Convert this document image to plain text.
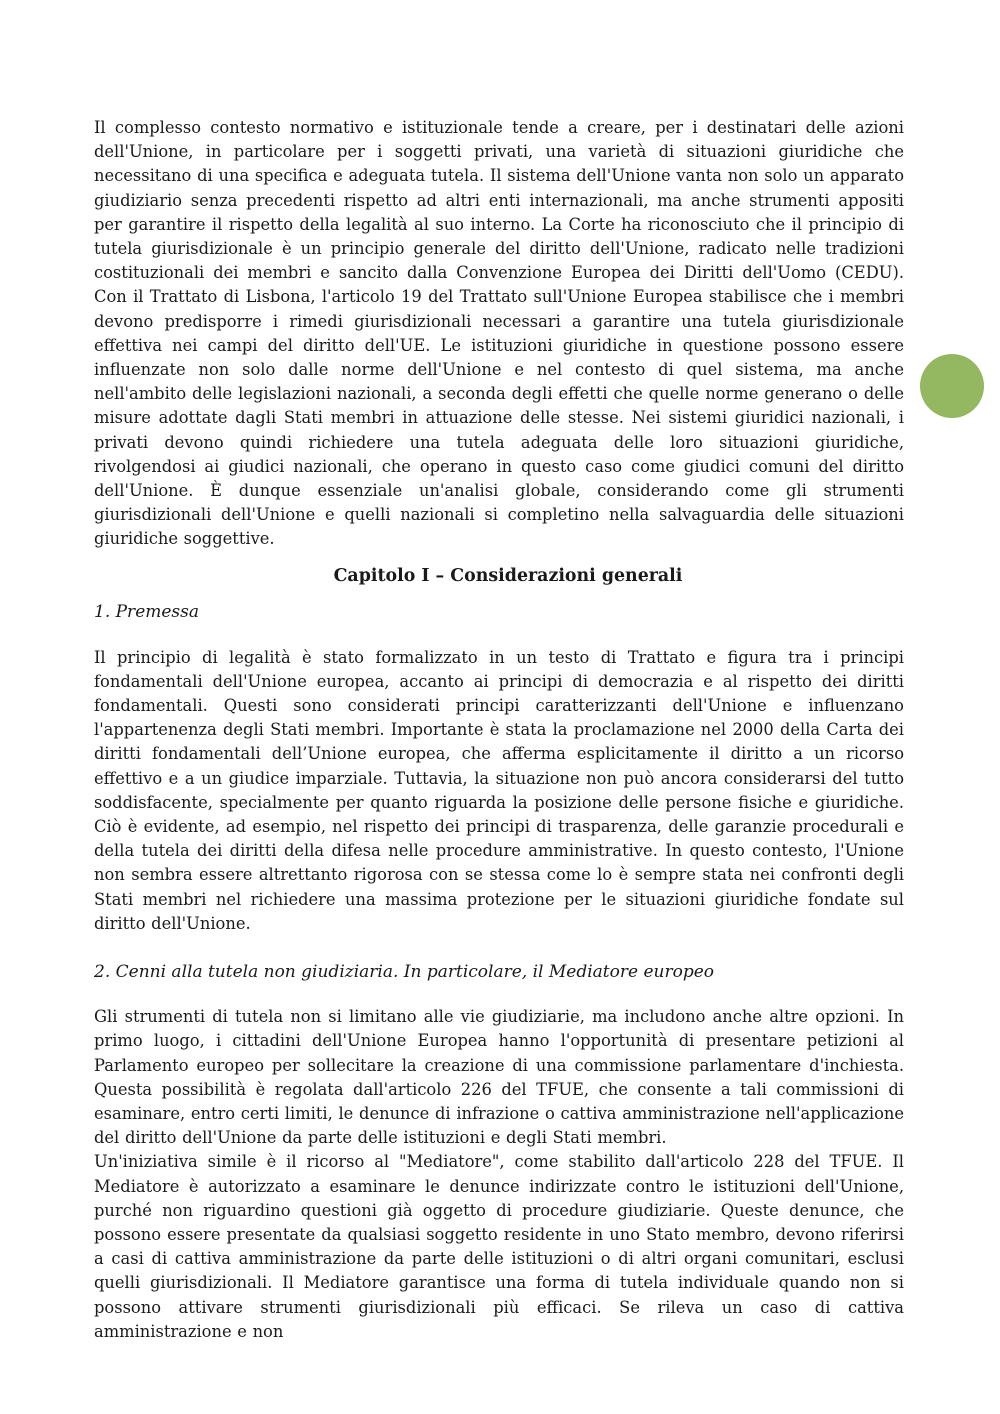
Il complesso contesto normativo e istituzionale tende a creare, per i destinatari delle azioni dell'Unione, in particolare per i soggetti privati, una varietà di situazioni giuridiche che necessitano di una specifica e adeguata tutela. Il sistema dell'Unione vanta non solo un apparato giudiziario senza precedenti rispetto ad altri enti internazionali, ma anche strumenti appositi per garantire il rispetto della legalità al suo interno. La Corte ha riconosciuto che il principio di tutela giurisdizionale è un principio generale del diritto dell'Unione, radicato nelle tradizioni costituzionali dei membri e sancito dalla Convenzione Europea dei Diritti dell'Uomo (CEDU). Con il Trattato di Lisbona, l'articolo 19 del Trattato sull'Unione Europea stabilisce che i membri devono predisporre i rimedi giurisdizionali necessari a garantire una tutela giurisdizionale effettiva nei campi del diritto dell'UE. Le istituzioni giuridiche in questione possono essere influenzate non solo dalle norme dell'Unione e nel contesto di quel sistema, ma anche nell'ambito delle legislazioni nazionali, a seconda degli effetti che quelle norme generano o delle misure adottate dagli Stati membri in attuazione delle stesse. Nei sistemi giuridici nazionali, i privati devono quindi richiedere una tutela adeguata delle loro situazioni giuridiche, rivolgendosi ai giudici nazionali, che operano in questo caso come giudici comuni del diritto dell'Unione. È dunque essenziale un'analisi globale, considerando come gli strumenti giurisdizionali dell'Unione e quelli nazionali si completino nella salvaguardia delle situazioni giuridiche soggettive.

Capitolo I – Considerazioni generali
1. Premessa

Il principio di legalità è stato formalizzato in un testo di Trattato e figura tra i principi fondamentali dell'Unione europea, accanto ai principi di democrazia e al rispetto dei diritti fondamentali. Questi sono considerati principi caratterizzanti dell'Unione e influenzano l'appartenenza degli Stati membri. Importante è stata la proclamazione nel 2000 della Carta dei diritti fondamentali dell’Unione europea, che afferma esplicitamente il diritto a un ricorso effettivo e a un giudice imparziale. Tuttavia, la situazione non può ancora considerarsi del tutto soddisfacente, specialmente per quanto riguarda la posizione delle persone fisiche e giuridiche. Ciò è evidente, ad esempio, nel rispetto dei principi di trasparenza, delle garanzie procedurali e della tutela dei diritti della difesa nelle procedure amministrative. In questo contesto, l'Unione non sembra essere altrettanto rigorosa con se stessa come lo è sempre stata nei confronti degli Stati membri nel richiedere una massima protezione per le situazioni giuridiche fondate sul diritto dell'Unione.

2. Cenni alla tutela non giudiziaria. In particolare, il Mediatore europeo

Gli strumenti di tutela non si limitano alle vie giudiziarie, ma includono anche altre opzioni. In primo luogo, i cittadini dell'Unione Europea hanno l'opportunità di presentare petizioni al Parlamento europeo per sollecitare la creazione di una commissione parlamentare d'inchiesta. Questa possibilità è regolata dall'articolo 226 del TFUE, che consente a tali commissioni di esaminare, entro certi limiti, le denunce di infrazione o cattiva amministrazione nell'applicazione del diritto dell'Unione da parte delle istituzioni e degli Stati membri.

Un'iniziativa simile è il ricorso al "Mediatore", come stabilito dall'articolo 228 del TFUE. Il Mediatore è autorizzato a esaminare le denunce indirizzate contro le istituzioni dell'Unione, purché non riguardino questioni già oggetto di procedure giudiziarie. Queste denunce, che possono essere presentate da qualsiasi soggetto residente in uno Stato membro, devono riferirsi a casi di cattiva amministrazione da parte delle istituzioni o di altri organi comunitari, esclusi quelli giurisdizionali. Il Mediatore garantisce una forma di tutela individuale quando non si possono attivare strumenti giurisdizionali più efficaci. Se rileva un caso di cattiva amministrazione e non
